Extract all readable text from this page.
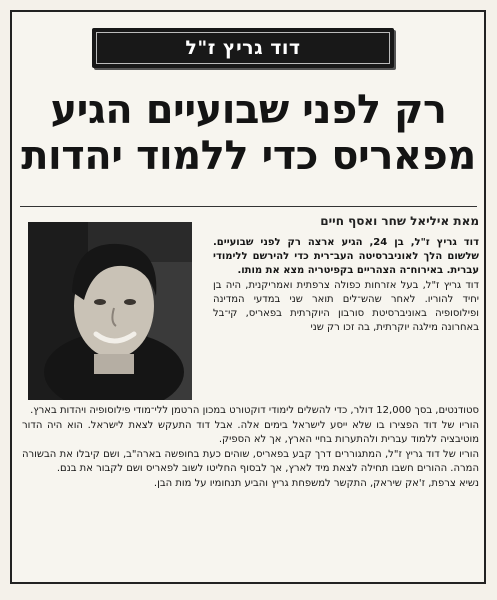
דוד גריץ ז"ל
רק לפני שבועיים הגיע
מפאריס כדי ללמוד יהדות
מאת איליאל שחר ואסף חיים

דוד גריץ ז"ל, בן 24, הגיע ארצה רק לפני שבועיים. שלשום הלך לאוניברסיטה העב־רית כדי להירשם ללימודי עברית. באירוח־ה הצהריים בקפיטריה מצא את מותו.

דוד גריץ ז"ל, בעל אזרחות כפולה צרפתית ואמריקנית, היה בן יחיד להוריו. לאחר שהש־לים תואר שני במדעי המדינה ופילוסופיה באוניברסיטת סורבון היוקרתית בפאריס, קי־בל באחרונה מילגה יוקרתית, בה זכו רק שני

סטודנטים, בסך 12,000 דולר, כדי להשלים לימודי דוקטורט במכון הרטמן ללי־מודי פילוסופיה ויהדות בארץ.

הוריו של דוד הפצירו בו שלא ייסע לישראל בימים אלה. אבל דוד התעקש לצאת לישראל. הוא היה הדור מוטיבציה ללמוד עברית ולהתערות בחיי הארץ, אך לא הספיק.

הוריו של דוד גריץ ז"ל, המתגוררים דרך קבע בפאריס, שוהים כעת בחופשה בארה"ב, ושם קיבלו את הבשורה המרה. ההורים חשבו תחילה לצאת מיד לארץ, אך לבסוף החליטו לשוב לפאריס ושם לקבור את בנם.

נשיא צרפת, ז'אק שיראק, התקשר למשפחת גריץ והביע תנחומיו על מות הבן.
